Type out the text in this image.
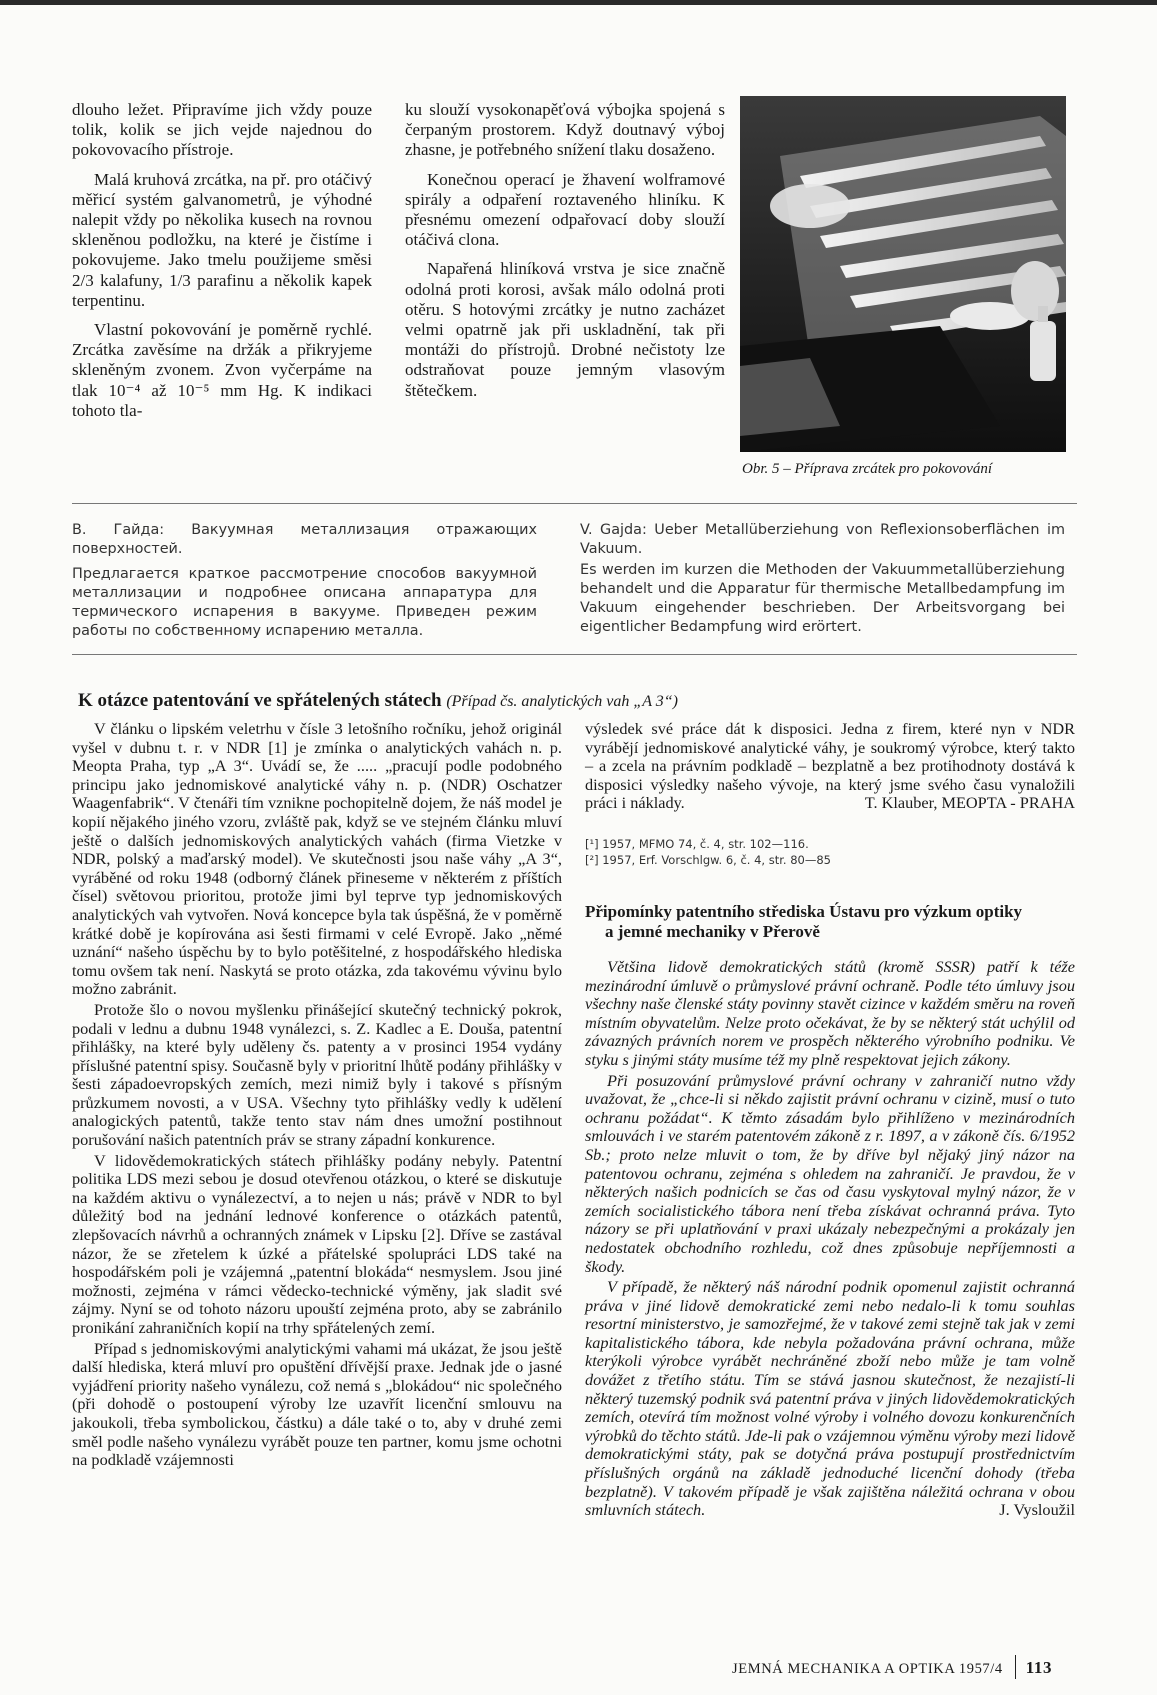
dlouho ležet. Připravíme jich vždy pouze tolik, kolik se jich vejde najednou do pokovovacího přístroje.

Malá kruhová zrcátka, na př. pro otáčivý měřicí systém galvanometrů, je výhodné nalepit vždy po několika kusech na rovnou skleněnou podložku, na které je čistíme i pokovujeme. Jako tmelu použijeme směsi 2/3 kalafuny, 1/3 parafinu a několik kapek terpentinu.

Vlastní pokovování je poměrně rychlé. Zrcátka zavěsíme na držák a přikryjeme skleněným zvonem. Zvon vyčerpáme na tlak 10⁻⁴ až 10⁻⁵ mm Hg. K indikaci tohoto tla-

ku slouží vysokonapěťová výbojka spojená s čerpaným prostorem. Když doutnavý výboj zhasne, je potřebného snížení tlaku dosaženo.

Konečnou operací je žhavení wolframové spirály a odpaření roztaveného hliníku. K přesnému omezení odpařovací doby slouží otáčivá clona.

Napařená hliníková vrstva je sice značně odolná proti korosi, avšak málo odolná proti otěru. S hotovými zrcátky je nutno zacházet velmi opatrně jak při uskladnění, tak při montáži do přístrojů. Drobné nečistoty lze odstraňovat pouze jemným vlasovým štětečkem.

Obr. 5 – Příprava zrcátek pro pokovování

В. Гайда: Вакуумная металлизация отражающих поверхностей.

Предлагается краткое рассмотрение способов вакуумной металлизации и подробнее описана аппаратура для термического испарения в вакууме. Приведен режим работы по собственному испарению металла.

V. Gajda: Ueber Metallüberziehung von Reflexionsoberflächen im Vakuum.

Es werden im kurzen die Methoden der Vakuummetallüberziehung behandelt und die Apparatur für thermische Metallbedampfung im Vakuum eingehender beschrieben. Der Arbeitsvorgang bei eigentlicher Bedampfung wird erörtert.

K otázce patentování ve spřátelených státech (Případ čs. analytických vah „A 3“)

V článku o lipském veletrhu v čísle 3 letošního ročníku, jehož originál vyšel v dubnu t. r. v NDR [1] je zmínka o analytických vahách n. p. Meopta Praha, typ „A 3“. Uvádí se, že ..... „pracují podle podobného principu jako jednomiskové analytické váhy n. p. (NDR) Oschatzer Waagenfabrik“. V čtenáři tím vznikne pochopitelně dojem, že náš model je kopií nějakého jiného vzoru, zvláště pak, když se ve stejném článku mluví ještě o dalších jednomiskových analytických vahách (firma Vietzke v NDR, polský a maďarský model). Ve skutečnosti jsou naše váhy „A 3“, vyráběné od roku 1948 (odborný článek přineseme v některém z příštích čísel) světovou prioritou, protože jimi byl teprve typ jednomiskových analytických vah vytvořen. Nová koncepce byla tak úspěšná, že v poměrně krátké době je kopírována asi šesti firmami v celé Evropě. Jako „němé uznání“ našeho úspěchu by to bylo potěšitelné, z hospodářského hlediska tomu ovšem tak není. Naskytá se proto otázka, zda takovému vývinu bylo možno zabránit.

Protože šlo o novou myšlenku přinášející skutečný technický pokrok, podali v lednu a dubnu 1948 vynálezci, s. Z. Kadlec a E. Douša, patentní přihlášky, na které byly uděleny čs. patenty a v prosinci 1954 vydány příslušné patentní spisy. Současně byly v prioritní lhůtě podány přihlášky v šesti západoevropských zemích, mezi nimiž byly i takové s přísným průzkumem novosti, a v USA. Všechny tyto přihlášky vedly k udělení analogických patentů, takže tento stav nám dnes umožní postihnout porušování našich patentních práv se strany západní konkurence.

V lidovědemokratických státech přihlášky podány nebyly. Patentní politika LDS mezi sebou je dosud otevřenou otázkou, o které se diskutuje na každém aktivu o vynálezectví, a to nejen u nás; právě v NDR to byl důležitý bod na jednání lednové konference o otázkách patentů, zlepšovacích návrhů a ochranných známek v Lipsku [2]. Dříve se zastával názor, že se zřetelem k úzké a přátelské spolupráci LDS také na hospodářském poli je vzájemná „patentní blokáda“ nesmyslem. Jsou jiné možnosti, zejména v rámci vědecko-technické výměny, jak sladit své zájmy. Nyní se od tohoto názoru upouští zejména proto, aby se zabránilo pronikání zahraničních kopií na trhy spřátelených zemí.

Případ s jednomiskovými analytickými vahami má ukázat, že jsou ještě další hlediska, která mluví pro opuštění dřívější praxe. Jednak jde o jasné vyjádření priority našeho vynálezu, což nemá s „blokádou“ nic společného (při dohodě o postoupení výroby lze uzavřít licenční smlouvu na jakoukoli, třeba symbolickou, částku) a dále také o to, aby v druhé zemi směl podle našeho vynálezu vyrábět pouze ten partner, komu jsme ochotni na podkladě vzájemnosti

výsledek své práce dát k disposici. Jedna z firem, které nyn v NDR vyrábějí jednomiskové analytické váhy, je soukromý výrobce, který takto – a zcela na právním podkladě – bezplatně a bez protihodnoty dostává k disposici výsledky našeho vývoje, na který jsme svého času vynaložili práci i náklady.	T. Klauber, MEOPTA - PRAHA
[¹] 1957, MFMO 74, č. 4, str. 102—116.
[²] 1957, Erf. Vorschlgw. 6, č. 4, str. 80—85
Připomínky patentního střediska Ústavu pro výzkum optiky
a jemné mechaniky v Přerově

Většina lidově demokratických států (kromě SSSR) patří k téže mezinárodní úmluvě o průmyslové právní ochraně. Podle této úmluvy jsou všechny naše členské státy povinny stavět cizince v každém směru na roveň místním obyvatelům. Nelze proto očekávat, že by se některý stát uchýlil od závazných právních norem ve prospěch některého výrobního podniku. Ve styku s jinými státy musíme též my plně respektovat jejich zákony.

Při posuzování průmyslové právní ochrany v zahraničí nutno vždy uvažovat, že „chce-li si někdo zajistit právní ochranu v cizině, musí o tuto ochranu požádat“. K těmto zásadám bylo přihlíženo v mezinárodních smlouvách i ve starém patentovém zákoně z r. 1897, a v zákoně čís. 6/1952 Sb.; proto nelze mluvit o tom, že by dříve byl nějaký jiný názor na patentovou ochranu, zejména s ohledem na zahraničí. Je pravdou, že v některých našich podnicích se čas od času vyskytoval mylný názor, že v zemích socialistického tábora není třeba získávat ochranná práva. Tyto názory se při uplatňování v praxi ukázaly nebezpečnými a prokázaly jen nedostatek obchodního rozhledu, což dnes způsobuje nepříjemnosti a škody.

V případě, že některý náš národní podnik opomenul zajistit ochranná práva v jiné lidově demokratické zemi nebo nedalo-li k tomu souhlas resortní ministerstvo, je samozřejmé, že v takové zemi stejně tak jak v zemi kapitalistického tábora, kde nebyla požadována právní ochrana, může kterýkoli výrobce vyrábět nechráněné zboží nebo může je tam volně dovážet z třetího státu. Tím se stává jasnou skutečnost, že nezajistí-li některý tuzemský podnik svá patentní práva v jiných lidovědemokratických zemích, otevírá tím možnost volné výroby i volného dovozu konkurenčních výrobků do těchto států. Jde-li pak o vzájemnou výměnu výroby mezi lidově demokratickými státy, pak se dotyčná práva postupují prostřednictvím příslušných orgánů na základě jednoduché licenční dohody (třeba bezplatně). V takovém případě je však zajištěna náležitá ochrana v obou smluvních státech.	J. Vysloužil
JEMNÁ MECHANIKA A OPTIKA 1957/4 113
